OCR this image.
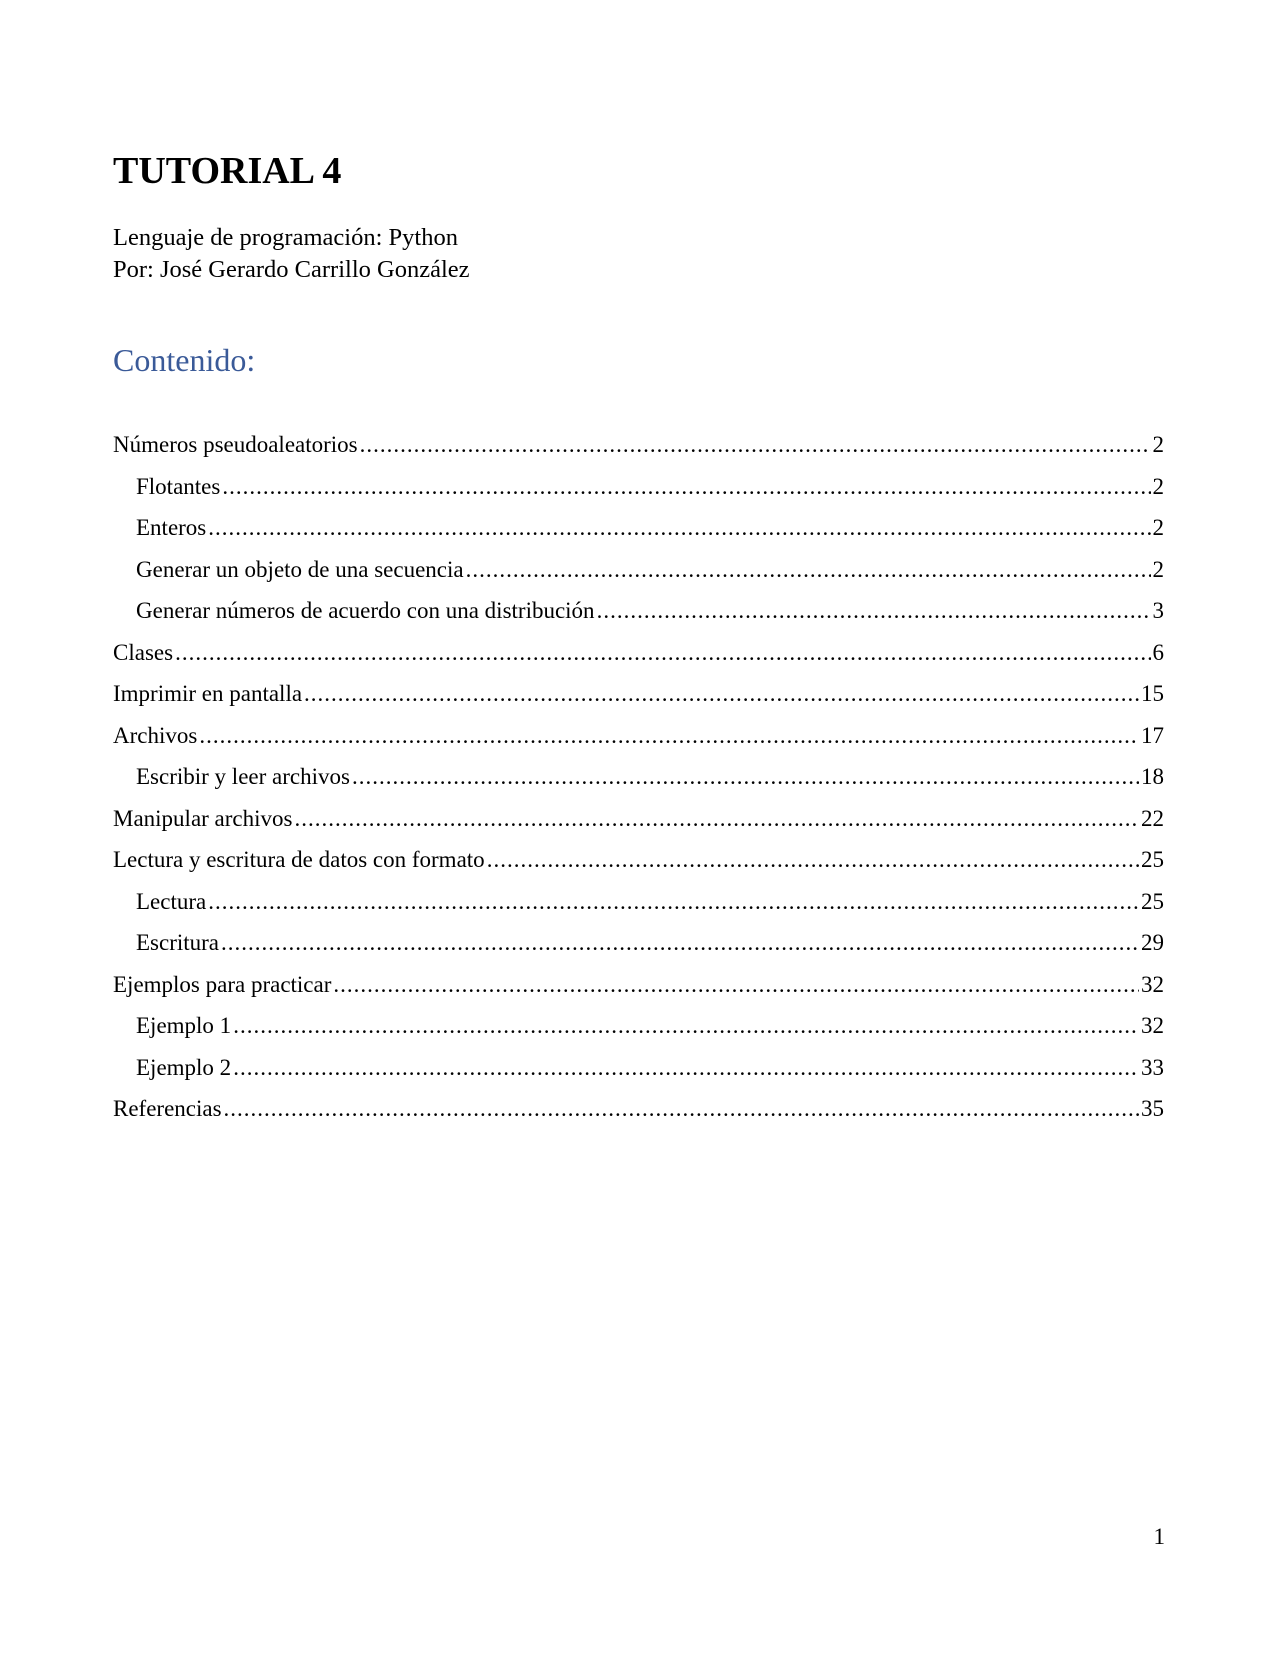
TUTORIAL 4

Lenguaje de programación: Python

Por: José Gerardo Carrillo González

Contenido:
Números pseudoaleatorios .....	2
Flotantes .....	2
Enteros .....	2
Generar un objeto de una secuencia .....	2
Generar números de acuerdo con una distribución .....	3
Clases .....	6
Imprimir en pantalla .....	15
Archivos .....	17
Escribir y leer archivos .....	18
Manipular archivos .....	22
Lectura y escritura de datos con formato .....	25
Lectura .....	25
Escritura .....	29
Ejemplos para practicar .....	32
Ejemplo 1 .....	32
Ejemplo 2 .....	33
Referencias .....	35
1
